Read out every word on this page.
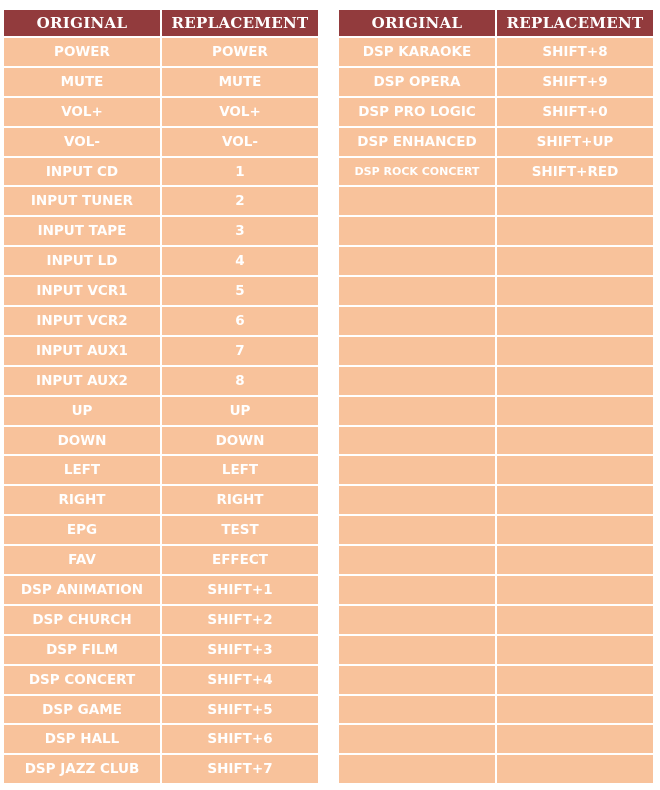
ORIGINAL	REPLACEMENT
POWER	POWER
MUTE	MUTE
VOL+	VOL+
VOL-	VOL-
INPUT CD	1
INPUT TUNER	2
INPUT TAPE	3
INPUT LD	4
INPUT VCR1	5
INPUT VCR2	6
INPUT AUX1	7
INPUT AUX2	8
UP	UP
DOWN	DOWN
LEFT	LEFT
RIGHT	RIGHT
EPG	TEST
FAV	EFFECT
DSP ANIMATION	SHIFT+1
DSP CHURCH	SHIFT+2
DSP FILM	SHIFT+3
DSP CONCERT	SHIFT+4
DSP GAME	SHIFT+5
DSP HALL	SHIFT+6
DSP JAZZ CLUB	SHIFT+7
ORIGINAL	REPLACEMENT
DSP KARAOKE	SHIFT+8
DSP OPERA	SHIFT+9
DSP PRO LOGIC	SHIFT+0
DSP ENHANCED	SHIFT+UP
DSP ROCK CONCERT	SHIFT+RED
